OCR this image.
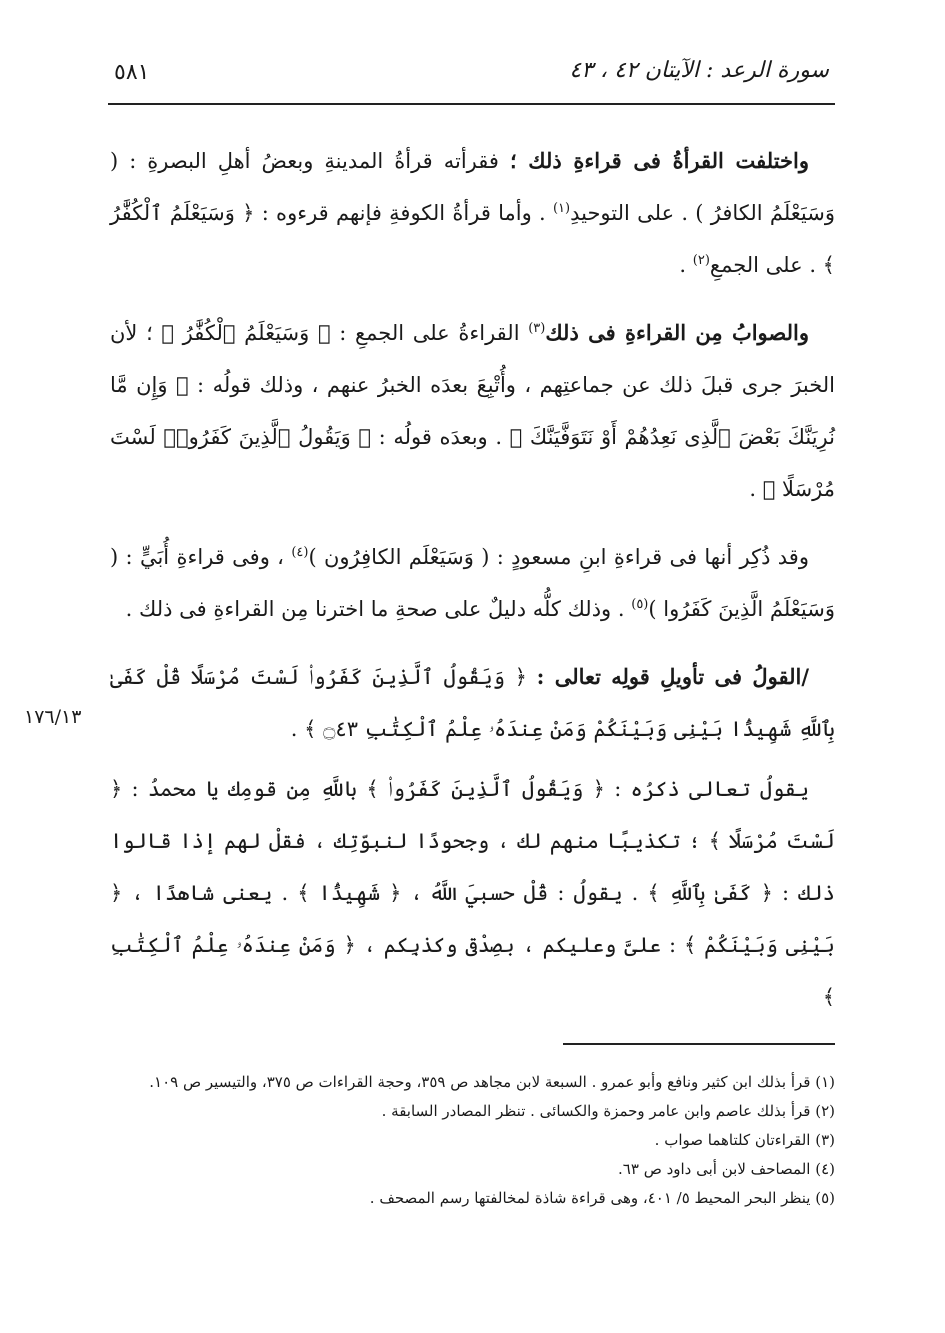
٥٨١	سورة الرعد : الآيتان ٤٢ ، ٤٣
١٧٦/١٣

واختلفت القرأةُ فى قراءةِ ذلك ؛ فقرأته قرأةُ المدينةِ وبعضُ أهلِ البصرةِ : ( وَسَيَعْلَمُ الكافرُ ) . على التوحيدِ$^{(١)}$ . وأما قرأةُ الكوفةِ فإنهم قرءوه : ﴿ وَسَيَعْلَمُ ٱلْكُفَّٰرُ ﴾ . على الجمعِ$^{(٢)}$ .

والصوابُ مِن القراءةِ فى ذلك$^{(٣)}$ القراءةُ على الجمعِ : ﴿ وَسَيَعْلَمُ ٱلْكُفَّٰرُ ﴾ ؛ لأن الخبرَ جرى قبلَ ذلك عن جماعتِهم ، وأُتْبِعَ بعدَه الخبرُ عنهم ، وذلك قولُه : ﴿ وَإِن مَّا نُرِيَنَّكَ بَعْضَ ٱلَّذِى نَعِدُهُمْ أَوْ نَتَوَفَّيَنَّكَ ﴾ . وبعدَه قولُه : ﴿ وَيَقُولُ ٱلَّذِينَ كَفَرُوا۟ لَسْتَ مُرْسَلًا ﴾ .

وقد ذُكِر أنها فى قراءةِ ابنِ مسعودٍ : ( وَسَيَعْلَم الكافِرُون )$^{(٤)}$ ، وفى قراءةِ أُبَيٍّ : ( وَسَيَعْلَمُ الَّذِينَ كَفَرُوا )$^{(٥)}$ . وذلك كلُّه دليلٌ على صحةِ ما اخترنا مِن القراءةِ فى ذلك .

/القولُ فى تأويلِ قولِه تعالى : ﴿ وَيَقُولُ ٱلَّذِينَ كَفَرُوا۟ لَسْتَ مُرْسَلًا قُلْ كَفَىٰ بِٱللَّهِ شَهِيدًۢا بَيْنِى وَبَيْنَكُمْ وَمَنْ عِندَهُۥ عِلْمُ ٱلْكِتَٰبِ ۝٤٣ ﴾ .

يقولُ تعالى ذكرُه : ﴿ وَيَقُولُ ٱلَّذِينَ كَفَرُوا۟ ﴾ باللَّهِ مِن قومِك يا محمدُ : ﴿ لَسْتَ مُرْسَلًا ﴾ ؛ تكذيبًا منهم لك ، وجحودًا لنبوّتِك ، فقلْ لهم إذا قالوا ذلك : ﴿ كَفَىٰ بِٱللَّهِ ﴾ . يقولُ : قُلْ حسبيَ اللَّهُ ، ﴿ شَهِيدًۢا ﴾ . يعنى شاهدًا ، ﴿ بَيْنِى وَبَيْنَكُمْ ﴾ : علىَّ وعليكم ، بصِدْقى وكذبِكم ، ﴿ وَمَنْ عِندَهُۥ عِلْمُ ٱلْكِتَٰبِ ﴾

(١) قرأ بذلك ابن كثير ونافع وأبو عمرو . السبعة لابن مجاهد ص ٣٥٩، وحجة القراءات ص ٣٧٥، والتيسير ص ١٠٩.

(٢) قرأ بذلك عاصم وابن عامر وحمزة والكسائى . تنظر المصادر السابقة .

(٣) القراءتان كلتاهما صواب .

(٤) المصاحف لابن أبى داود ص ٦٣.

(٥) ينظر البحر المحيط ٥/ ٤٠١، وهى قراءة شاذة لمخالفتها رسم المصحف .
